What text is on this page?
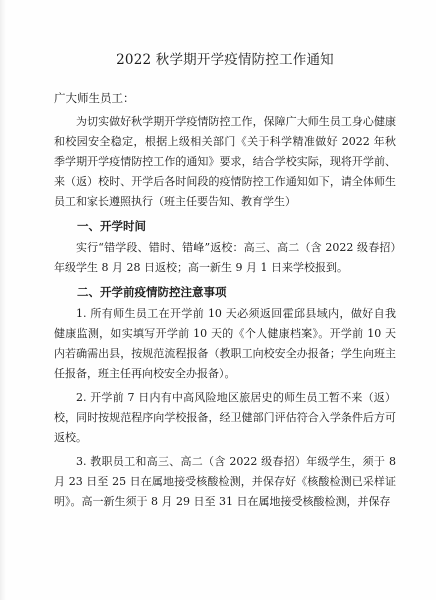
2022 秋学期开学疫情防控工作通知

广大师生员工：

为切实做好秋学期开学疫情防控工作，保障广大师生员工身心健康和校园安全稳定，根据上级相关部门《关于科学精准做好 2022 年秋季学期开学疫情防控工作的通知》要求，结合学校实际，现将开学前、来（返）校时、开学后各时间段的疫情防控工作通知如下，请全体师生员工和家长遵照执行（班主任要告知、教育学生）

一、开学时间

实行“错学段、错时、错峰”返校：高三、高二（含 2022 级春招）年级学生 8 月 28 日返校；高一新生 9 月 1 日来学校报到。

二、开学前疫情防控注意事项

1. 所有师生员工在开学前 10 天必须返回霍邱县域内，做好自我健康监测，如实填写开学前 10 天的《个人健康档案》。开学前 10 天内若确需出县，按规范流程报备（教职工向校安全办报备；学生向班主任报备，班主任再向校安全办报备）。

2. 开学前 7 日内有中高风险地区旅居史的师生员工暂不来（返）校，同时按规范程序向学校报备，经卫健部门评估符合入学条件后方可返校。

3. 教职员工和高三、高二（含 2022 级春招）年级学生，须于 8 月 23 日至 25 日在属地接受核酸检测，并保存好《核酸检测已采样证明》。高一新生须于 8 月 29 日至 31 日在属地接受核酸检测，并保存
